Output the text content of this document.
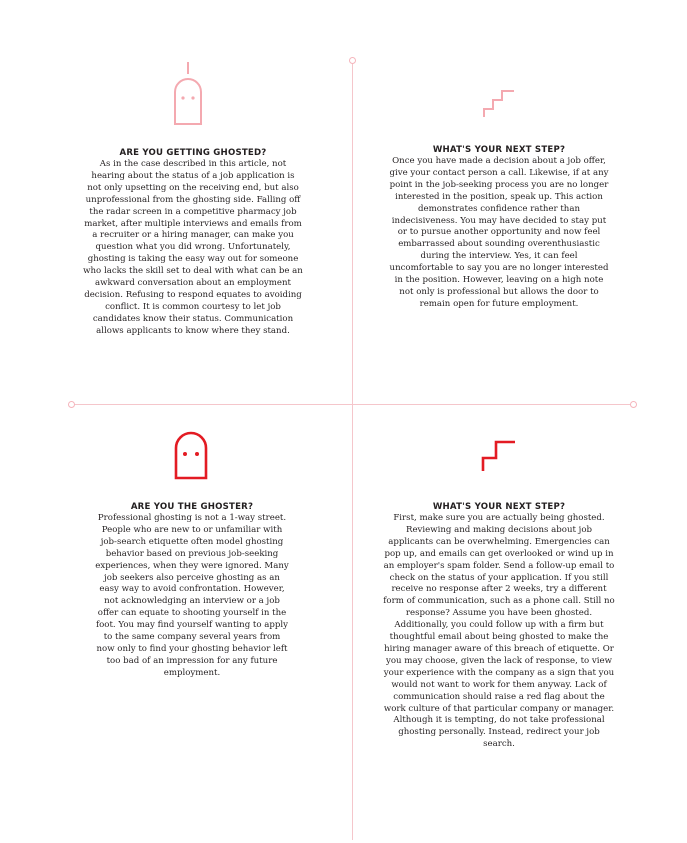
ARE YOU GETTING GHOSTED?

As in the case described in this article, not hearing about the status of a job application is not only upsetting on the receiving end, but also unprofessional from the ghosting side. Falling off the radar screen in a competitive pharmacy job market, after multiple interviews and emails from a recruiter or a hiring manager, can make you question what you did wrong. Unfortunately, ghosting is taking the easy way out for someone who lacks the skill set to deal with what can be an awkward conversation about an employment decision. Refusing to respond equates to avoiding conflict. It is common courtesy to let job candidates know their status. Communication allows applicants to know where they stand.

WHAT'S YOUR NEXT STEP?

Once you have made a decision about a job offer, give your contact person a call. Likewise, if at any point in the job-seeking process you are no longer interested in the position, speak up. This action demonstrates confidence rather than indecisiveness. You may have decided to stay put or to pursue another opportunity and now feel embarrassed about sounding overenthusiastic during the interview. Yes, it can feel uncomfortable to say you are no longer interested in the position. However, leaving on a high note not only is professional but allows the door to remain open for future employment.

ARE YOU THE GHOSTER?

Professional ghosting is not a 1-way street. People who are new to or unfamiliar with job-search etiquette often model ghosting behavior based on previous job-seeking experiences, when they were ignored. Many job seekers also perceive ghosting as an easy way to avoid confrontation. However, not acknowledging an interview or a job offer can equate to shooting yourself in the foot. You may find yourself wanting to apply to the same company several years from now only to find your ghosting behavior left too bad of an impression for any future employment.

WHAT'S YOUR NEXT STEP?

First, make sure you are actually being ghosted. Reviewing and making decisions about job applicants can be overwhelming. Emergencies can pop up, and emails can get overlooked or wind up in an employer's spam folder. Send a follow-up email to check on the status of your application. If you still receive no response after 2 weeks, try a different form of communication, such as a phone call. Still no response? Assume you have been ghosted. Additionally, you could follow up with a firm but thoughtful email about being ghosted to make the hiring manager aware of this breach of etiquette. Or you may choose, given the lack of response, to view your experience with the company as a sign that you would not want to work for them anyway. Lack of communication should raise a red flag about the work culture of that particular company or manager. Although it is tempting, do not take professional ghosting personally. Instead, redirect your job search.
